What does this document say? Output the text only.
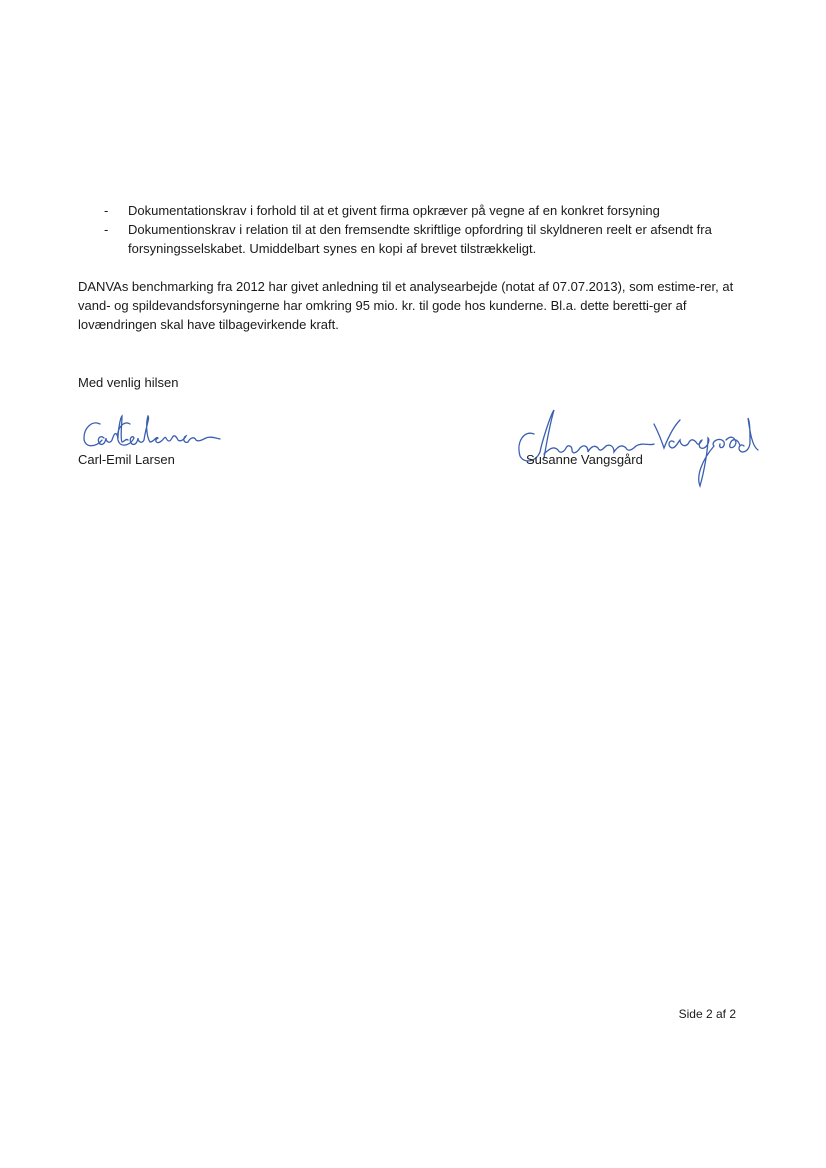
- Dokumentationskrav i forhold til at et givent firma opkræver på vegne af en konkret forsyning
- Dokumentionskrav i relation til at den fremsendte skriftlige opfordring til skyldneren reelt er afsendt fra forsyningsselskabet. Umiddelbart synes en kopi af brevet tilstrækkeligt.

DANVAs benchmarking fra 2012 har givet anledning til et analysearbejde (notat af 07.07.2013), som estime-rer, at vand- og spildevandsforsyningerne har omkring 95 mio. kr. til gode hos kunderne. Bl.a. dette beretti-ger af lovændringen skal have tilbagevirkende kraft.

Med venlig hilsen

Carl-Emil Larsen	Susanne Vangsgård
Side 2 af 2
